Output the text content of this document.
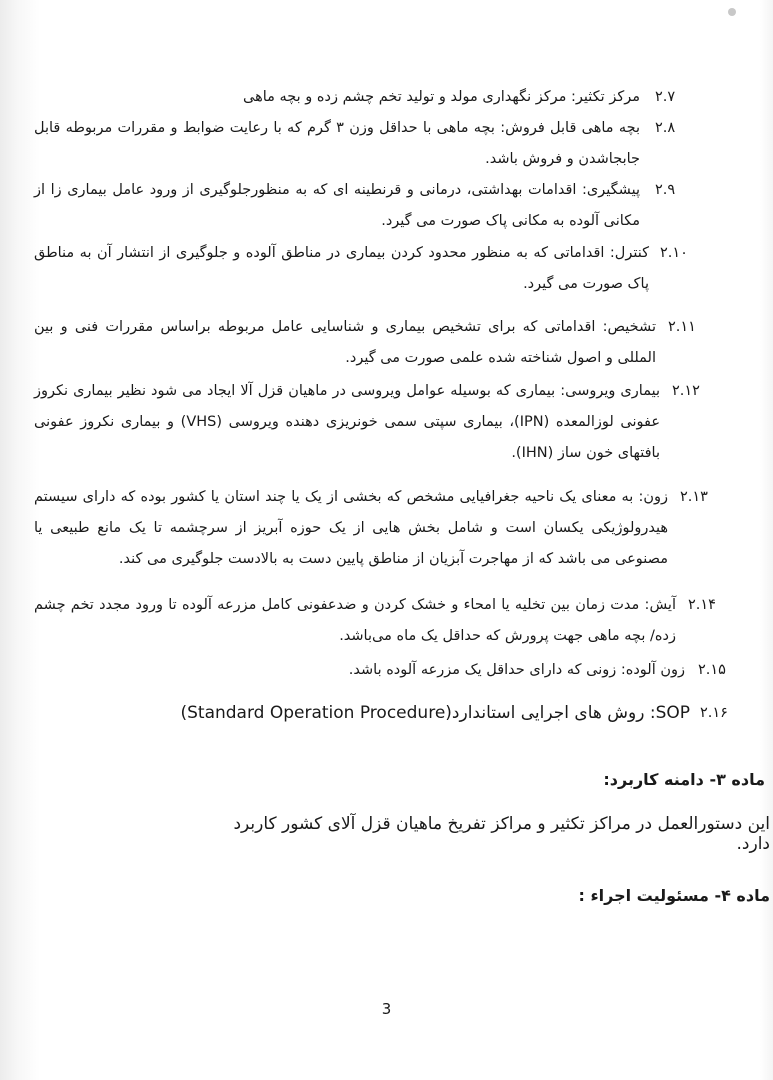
۲.۷
مرکز تکثیر: مرکز نگهداری مولد و تولید تخم چشم زده و بچه ماهی
۲.۸
بچه ماهی قابل فروش: بچه ماهی با حداقل وزن ۳ گرم که با رعایت ضوابط و مقررات مربوطه قابل جابجاشدن و فروش باشد.
۲.۹
پیشگیری: اقدامات بهداشتی، درمانی و قرنطینه ای که به منظورجلوگیری از ورود عامل بیماری زا از مکانی آلوده به مکانی پاک صورت می گیرد.
۲.۱۰
کنترل: اقداماتی که به منظور محدود کردن بیماری در مناطق آلوده و جلوگیری از انتشار آن به مناطق پاک صورت می گیرد.
۲.۱۱
تشخیص: اقداماتی که برای تشخیص بیماری و شناسایی عامل مربوطه براساس مقررات فنی و بین المللی و اصول شناخته شده علمی صورت می گیرد.
۲.۱۲
بیماری ویروسی: بیماری که بوسیله عوامل ویروسی در ماهیان قزل آلا ایجاد می شود نظیر بیماری نکروز عفونی لوزالمعده (IPN)، بیماری سپتی سمی خونریزی دهنده ویروسی (VHS) و بیماری نکروز عفونی بافتهای خون ساز (IHN).
۲.۱۳
زون: به معنای یک ناحیه جغرافیایی مشخص که بخشی از یک یا چند استان یا کشور بوده که دارای سیستم هیدرولوژیکی یکسان است و شامل بخش هایی از یک حوزه آبریز از سرچشمه تا یک مانع طبیعی یا مصنوعی می باشد که از مهاجرت آبزیان از مناطق پایین دست به بالادست جلوگیری می کند.
۲.۱۴
آیش: مدت زمان بین تخلیه یا امحاء و خشک کردن و ضدعفونی کامل مزرعه آلوده تا ورود مجدد تخم چشم زده/ بچه ماهی جهت پرورش که حداقل یک ماه می‌باشد.
۲.۱۵
زون آلوده: زونی که دارای حداقل یک مزرعه آلوده باشد.
۲.۱۶
SOP: روش های اجرایی استاندارد(Standard Operation Procedure)
ماده ۳- دامنه کاربرد:
این دستورالعمل در مراکز تکثیر و مراکز تفریخ ماهیان قزل آلای کشور کاربرد دارد.
ماده ۴- مسئولیت اجراء :
3
